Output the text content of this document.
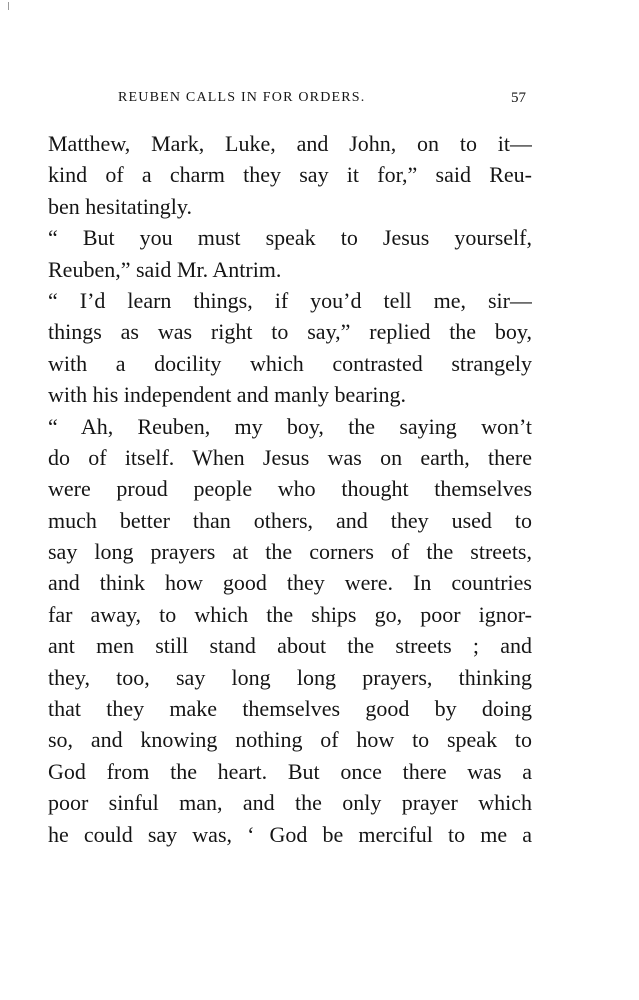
REUBEN CALLS IN FOR ORDERS.	57
Matthew, Mark, Luke, and John, on to it—
kind of a charm they say it for,” said Reu-
ben hesitatingly.
“ But you must speak to Jesus yourself,
Reuben,” said Mr. Antrim.
“ I’d learn things, if you’d tell me, sir—
things as was right to say,” replied the boy,
with a docility which contrasted strangely
with his independent and manly bearing.
“ Ah, Reuben, my boy, the saying won’t
do of itself. When Jesus was on earth, there
were proud people who thought themselves
much better than others, and they used to
say long prayers at the corners of the streets,
and think how good they were. In countries
far away, to which the ships go, poor ignor-
ant men still stand about the streets ; and
they, too, say long long prayers, thinking
that they make themselves good by doing
so, and knowing nothing of how to speak to
God from the heart. But once there was a
poor sinful man, and the only prayer which
he could say was, ‘ God be merciful to me a
